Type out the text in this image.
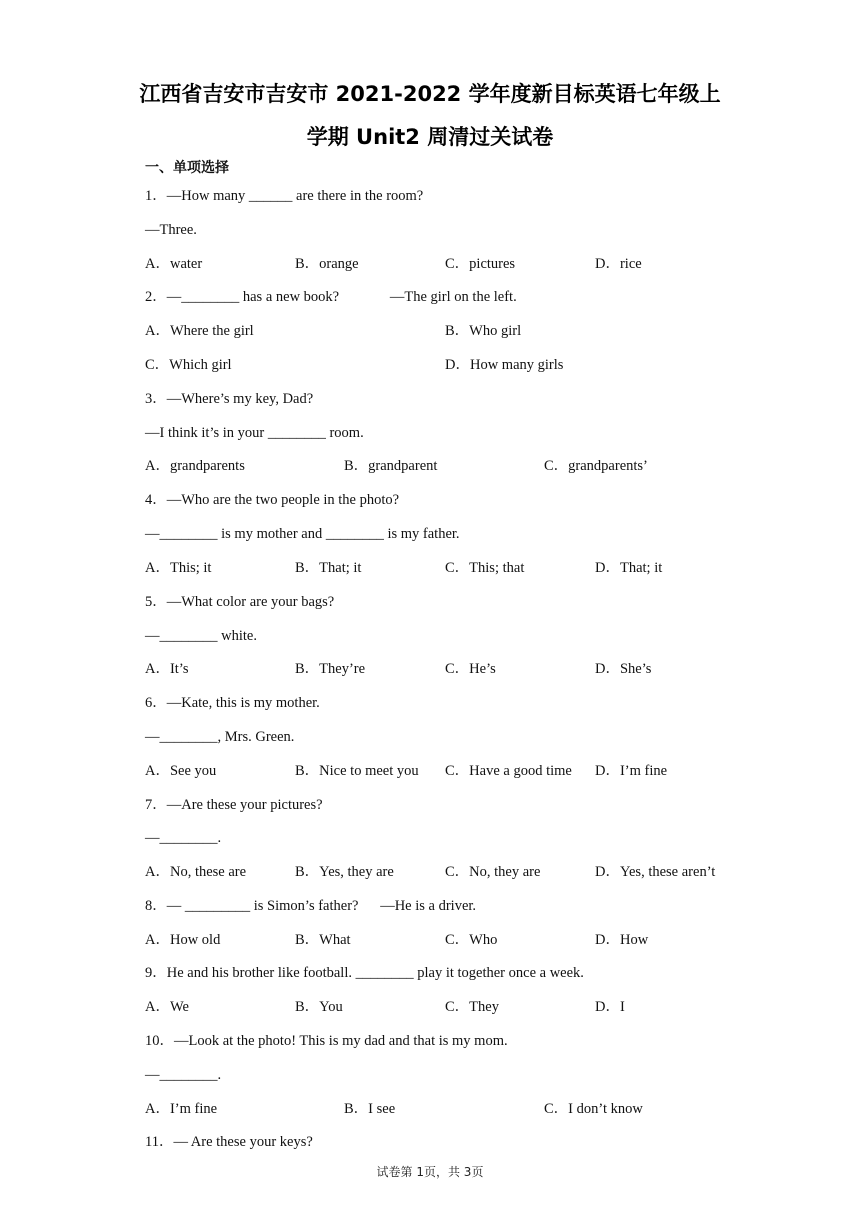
江西省吉安市吉安市 2021-2022 学年度新目标英语七年级上
学期 Unit2 周清过关试卷
一、单项选择
1．—How many ______ are there in the room?
—Three.
A．water	B．orange	C．pictures	D．rice
2．—________ has a new book?              —The girl on the left.
A．Where the girl	B．Who girl
C．Which girl	D．How many girls
3．—Where’s my key, Dad?
—I think it’s in your ________ room.
A．grandparents	B．grandparent	C．grandparents’
4．—Who are the two people in the photo?
—________ is my mother and ________ is my father.
A．This; it	B．That; it	C．This; that	D．That; it
5．—What color are your bags?
—________ white.
A．It’s	B．They’re	C．He’s	D．She’s
6．—Kate, this is my mother.
—________, Mrs. Green.
A．See you	B．Nice to meet you C．Have a good time D．I’m fine
7．—Are these your pictures?
—________.
A．No, these are	B．Yes, they are	C．No, they are	D．Yes, these aren’t
8．— _________ is Simon’s father?      —He is a driver.
A．How old	B．What	C．Who	D．How
9．He and his brother like football. ________ play it together once a week.
A．We	B．You	C．They	D．I
10．—Look at the photo! This is my dad and that is my mom.
—________.
A．I’m fine	B．I see	C．I don’t know
11．— Are these your keys?
试卷第 1页，共 3页
